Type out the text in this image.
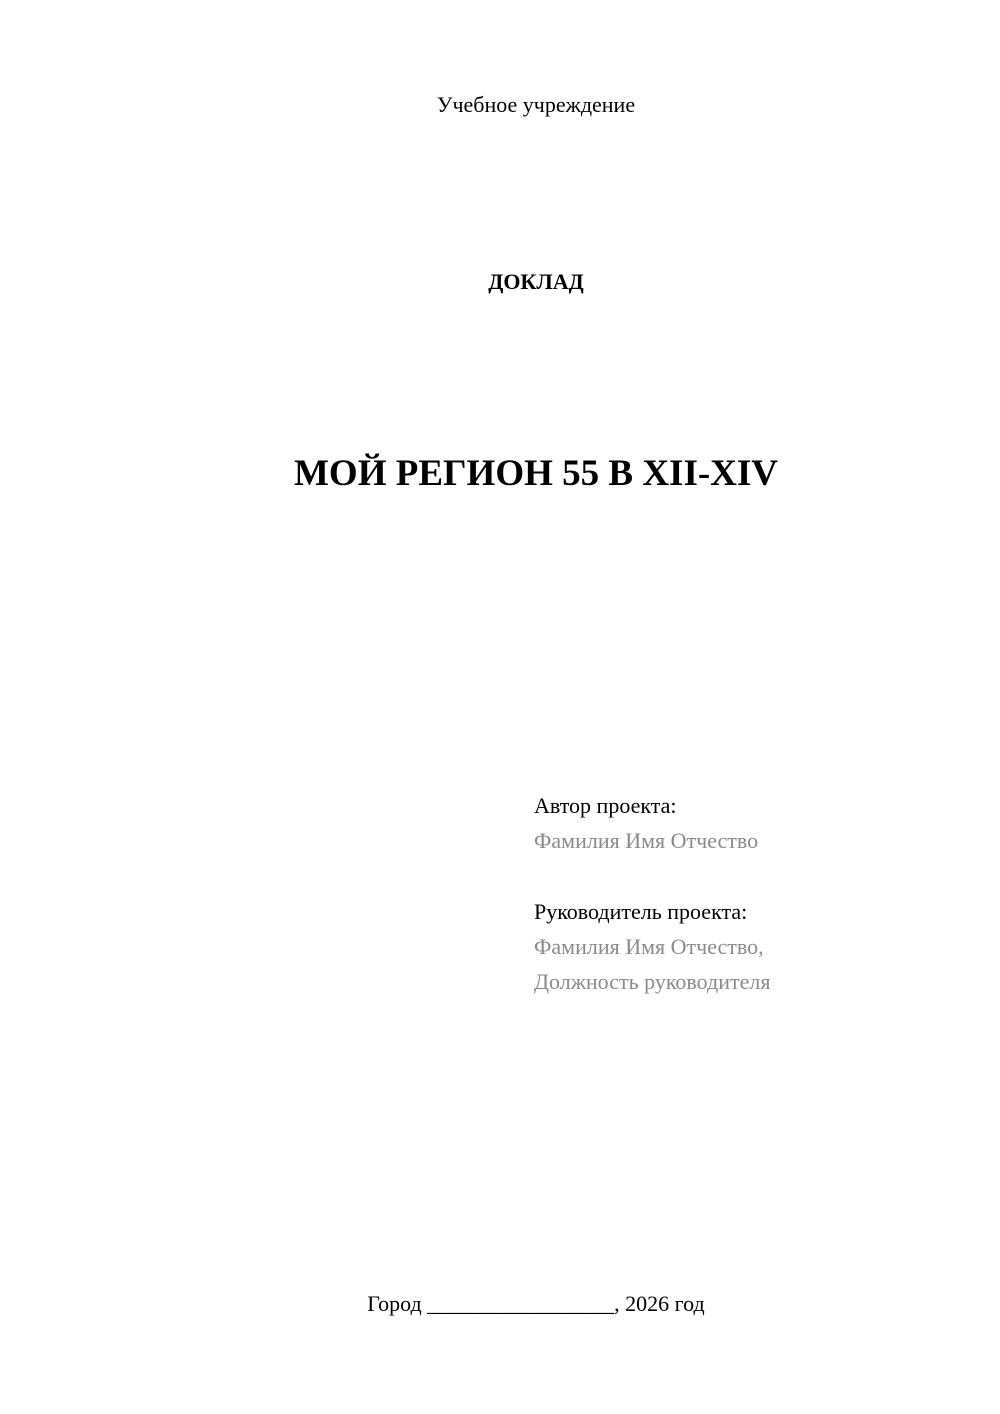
Учебное учреждение
ДОКЛАД
МОЙ РЕГИОН 55 В XII-XIV
Автор проекта:
Фамилия Имя Отчество
Руководитель проекта:
Фамилия Имя Отчество,
Должность руководителя
Город _________________, 2026 год
